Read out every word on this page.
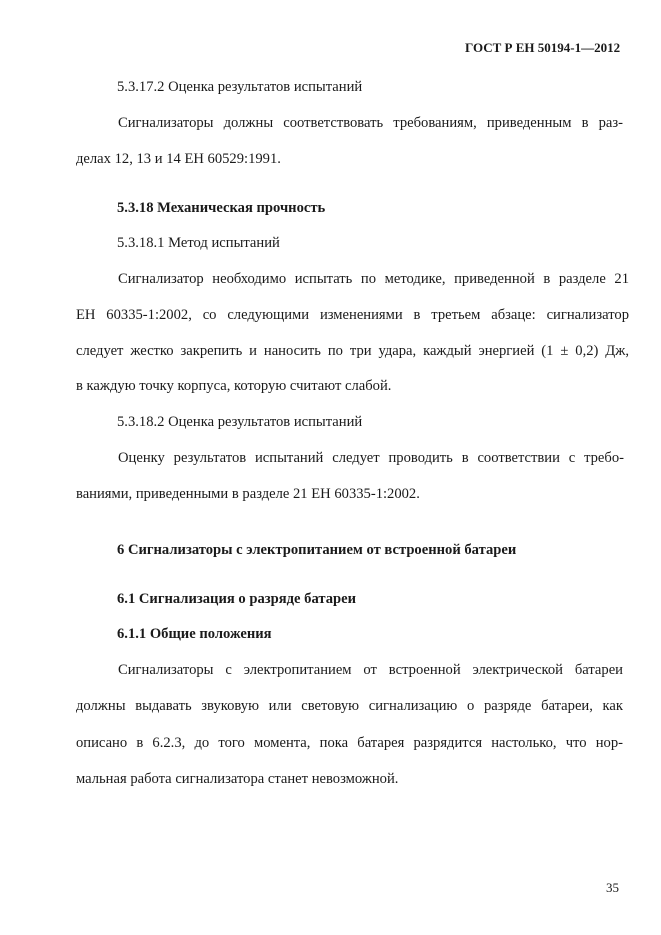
ГОСТ Р ЕН 50194-1—2012
5.3.17.2 Оценка результатов испытаний
Сигнализаторы должны соответствовать требованиям, приведенным в раз-
делах 12, 13 и 14 ЕН 60529:1991.
5.3.18 Механическая прочность
5.3.18.1 Метод испытаний
Сигнализатор необходимо испытать по методике, приведенной в разделе 21
ЕН 60335-1:2002, со следующими изменениями в третьем абзаце: сигнализатор
следует жестко закрепить и наносить по три удара, каждый энергией (1 ± 0,2) Дж,
в каждую точку корпуса, которую считают слабой.
5.3.18.2 Оценка результатов испытаний
Оценку результатов испытаний следует проводить в соответствии с требо-
ваниями, приведенными в разделе 21 ЕН 60335-1:2002.
6 Сигнализаторы с электропитанием от встроенной батареи
6.1 Сигнализация о разряде батареи
6.1.1 Общие положения
Сигнализаторы с электропитанием от встроенной электрической батареи
должны выдавать звуковую или световую сигнализацию о разряде батареи, как
описано в 6.2.3, до того момента, пока батарея разрядится настолько, что нор-
мальная работа сигнализатора станет невозможной.
35
